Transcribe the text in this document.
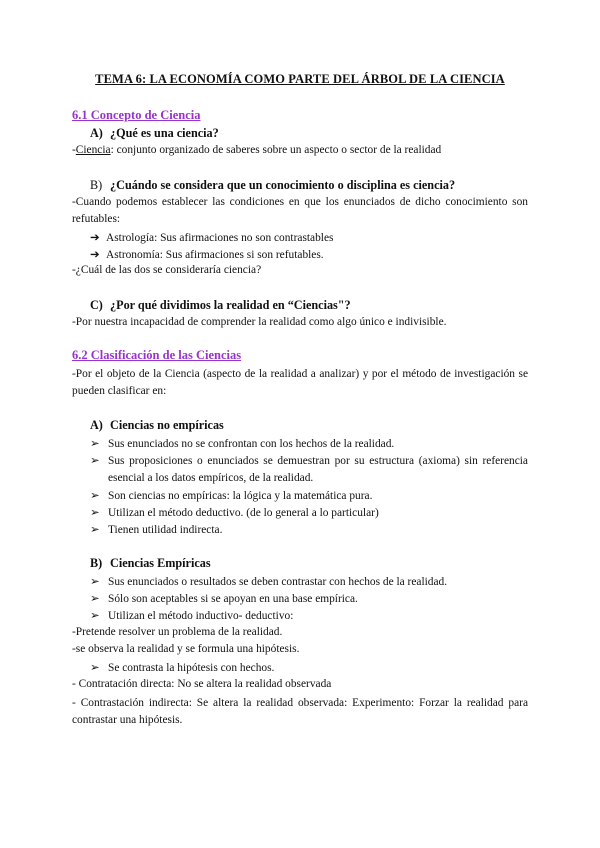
TEMA 6: LA ECONOMÍA COMO PARTE DEL ÁRBOL DE LA CIENCIA
6.1 Concepto de Ciencia
A) ¿Qué es una ciencia?
-Ciencia: conjunto organizado de saberes sobre un aspecto o sector de la realidad
B) ¿Cuándo se considera que un conocimiento o disciplina es ciencia?
-Cuando podemos establecer las condiciones en que los enunciados de dicho conocimiento son refutables:
➔ Astrología: Sus afirmaciones no son contrastables
➔ Astronomía: Sus afirmaciones si son refutables.
-¿Cuál de las dos se consideraría ciencia?
C) ¿Por qué dividimos la realidad en “Ciencias"?
-Por nuestra incapacidad de comprender la realidad como algo único e indivisible.
6.2 Clasificación de las Ciencias
-Por el objeto de la Ciencia (aspecto de la realidad a analizar) y por el método de investigación se pueden clasificar en:
A) Ciencias no empíricas
➢ Sus enunciados no se confrontan con los hechos de la realidad.
➢ Sus proposiciones o enunciados se demuestran por su estructura (axioma) sin referencia esencial a los datos empíricos, de la realidad.
➢ Son ciencias no empíricas: la lógica y la matemática pura.
➢ Utilizan el método deductivo. (de lo general a lo particular)
➢ Tienen utilidad indirecta.
B) Ciencias Empíricas
➢ Sus enunciados o resultados se deben contrastar con hechos de la realidad.
➢ Sólo son aceptables si se apoyan en una base empírica.
➢ Utilizan el método inductivo- deductivo:
-Pretende resolver un problema de la realidad.
-se observa la realidad y se formula una hipótesis.
➢ Se contrasta la hipótesis con hechos.
- Contratación directa: No se altera la realidad observada
- Contrastación indirecta: Se altera la realidad observada: Experimento: Forzar la realidad para contrastar una hipótesis.
